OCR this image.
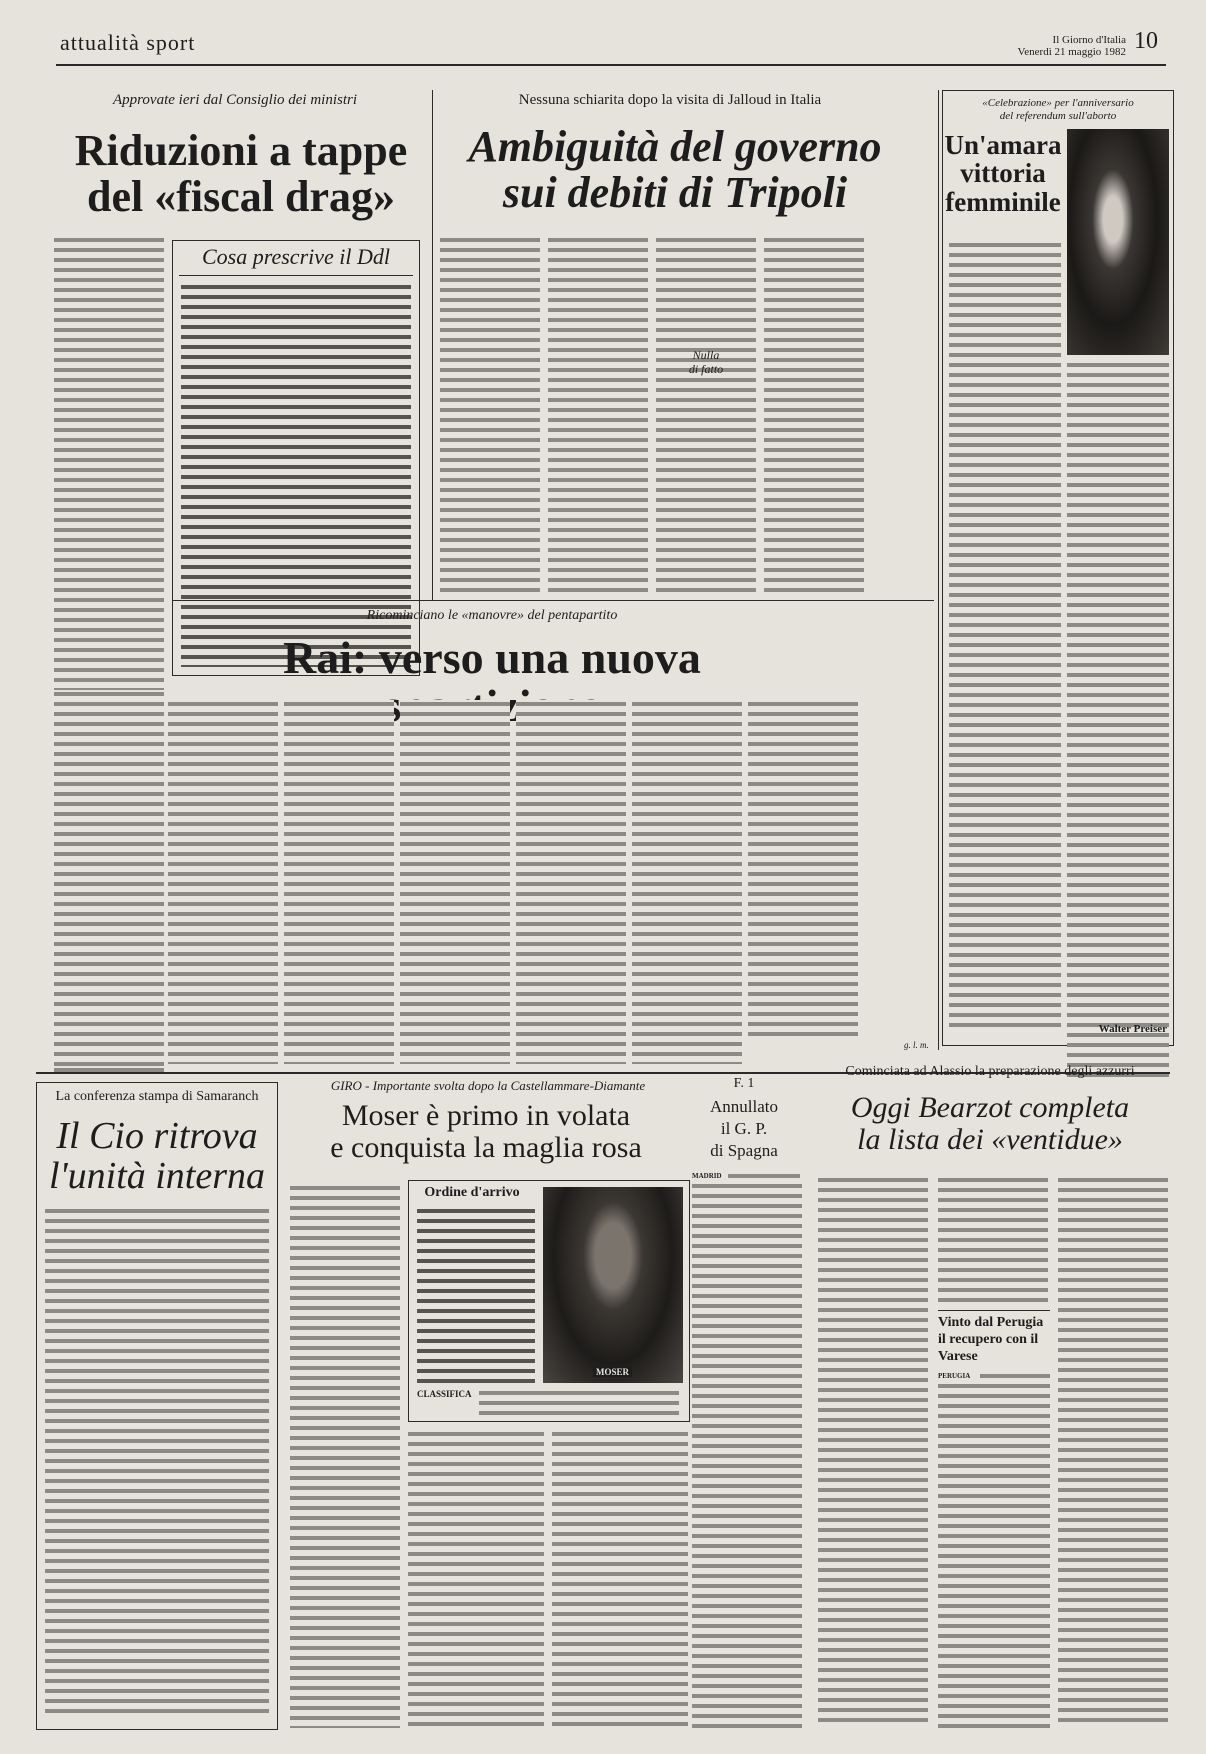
attualità sport	Il Giorno d'Italia
Venerdì 21 maggio 1982 10
Approvate ieri dal Consiglio dei ministri
Riduzioni a tappe
del «fiscal drag»
Cosa prescrive il Ddl
Nessuna schiarita dopo la visita di Jalloud in Italia
Ambiguità del governo
sui debiti di Tripoli
Nulla
di fatto
«Celebrazione» per l'anniversario
del referendum sull'aborto
Un'amara
vittoria
femminile
Walter Preiser
Ricominciano le «manovre» del pentapartito
Rai: verso una nuova
g. l. m.
La conferenza stampa di Samaranch
Il Cio ritrova
l'unità interna
GIRO - Importante svolta dopo la Castellammare-Diamante
Moser è primo in volata
e conquista la maglia rosa
Ordine d'arrivo
MOSER
CLASSIFICA
F. 1
Annullato
il G. P.
di Spagna
MADRID
Cominciata ad Alassio la preparazione degli azzurri
Oggi Bearzot completa
la lista dei «ventidue»
Vinto dal Perugia
il recupero con il
Varese
PERUGIA
